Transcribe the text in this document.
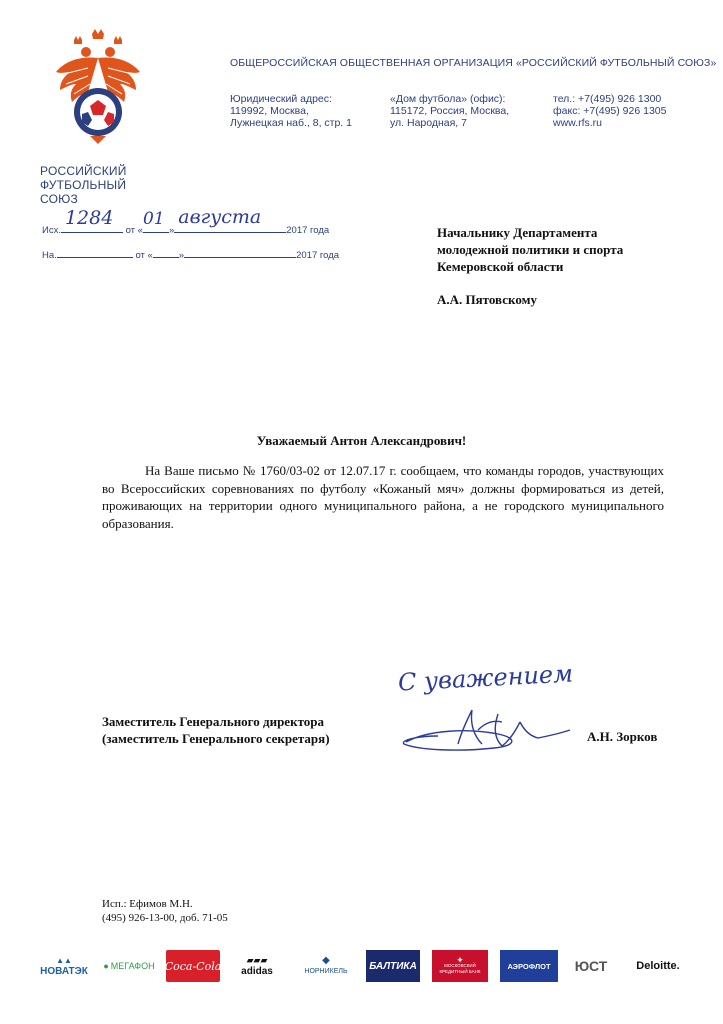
РОССИЙСКИЙ
ФУТБОЛЬНЫЙ
СОЮЗ
ОБЩЕРОССИЙСКАЯ ОБЩЕСТВЕННАЯ ОРГАНИЗАЦИЯ «РОССИЙСКИЙ ФУТБОЛЬНЫЙ СОЮЗ»
Юридический адрес:
119992, Москва,
Лужнецкая наб., 8, стр. 1
«Дом футбола» (офис):
115172, Россия, Москва,
ул. Народная, 7
тел.: +7(495) 926 1300
факс: +7(495) 926 1305
www.rfs.ru
Исх.
1284
от «
01
»
августа
2017 года
На.	от «	»	2017 года
Начальнику Департамента
молодежной политики и спорта
Кемеровской области
А.А. Пятовскому
Уважаемый Антон Александрович!
На Ваше письмо № 1760/03-02 от 12.07.17 г. сообщаем, что команды городов, участвующих во Всероссийских соревнованиях по футболу «Кожаный мяч» должны формироваться из детей, проживающих на территории одного муниципального района, а не городского муниципального образования.
С уважением
Заместитель Генерального директора
(заместитель Генерального секретаря)	А.Н. Зорков
Исп.: Ефимов М.Н.
(495) 926-13-00, доб. 71-05
▲▲
НОВАТЭК ● МЕГАФОН Coca-Cola	▰▰▰
adidas
◆
НОРНИКЕЛЬ	БАЛТИКА
✦
МОСКОВСКИЙ КРЕДИТНЫЙ БАНК
АЭРОФЛОТ	ЮСТ	Deloitte.
